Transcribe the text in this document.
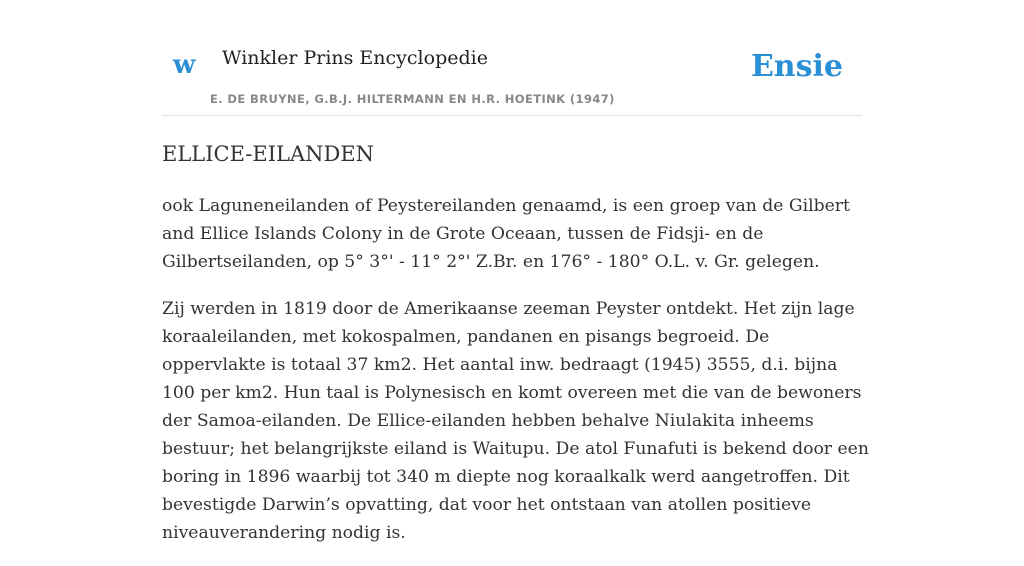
w Winkler Prins Encyclopedie
E. DE BRUYNE, G.B.J. HILTERMANN EN H.R. HOETINK (1947)
Ensie
ELLICE-EILANDEN

ook Laguneneilanden of Peystereilanden genaamd, is een groep van de Gilbert and Ellice Islands Colony in de Grote Oceaan, tussen de Fidsji- en de Gilbertseilanden, op 5° 3°' - 11° 2°' Z.Br. en 176° - 180° O.L. v. Gr. gelegen.

Zij werden in 1819 door de Amerikaanse zeeman Peyster ontdekt. Het zijn lage koraaleilanden, met kokospalmen, pandanen en pisangs begroeid. De oppervlakte is totaal 37 km2. Het aantal inw. bedraagt (1945) 3555, d.i. bijna 100 per km2. Hun taal is Polynesisch en komt overeen met die van de bewoners der Samoa-eilanden. De Ellice-eilanden hebben behalve Niulakita inheems bestuur; het belangrijkste eiland is Waitupu. De atol Funafuti is bekend door een boring in 1896 waarbij tot 340 m diepte nog koraalkalk werd aangetroffen. Dit bevestigde Darwin’s opvatting, dat voor het ontstaan van atollen positieve niveauverandering nodig is.
